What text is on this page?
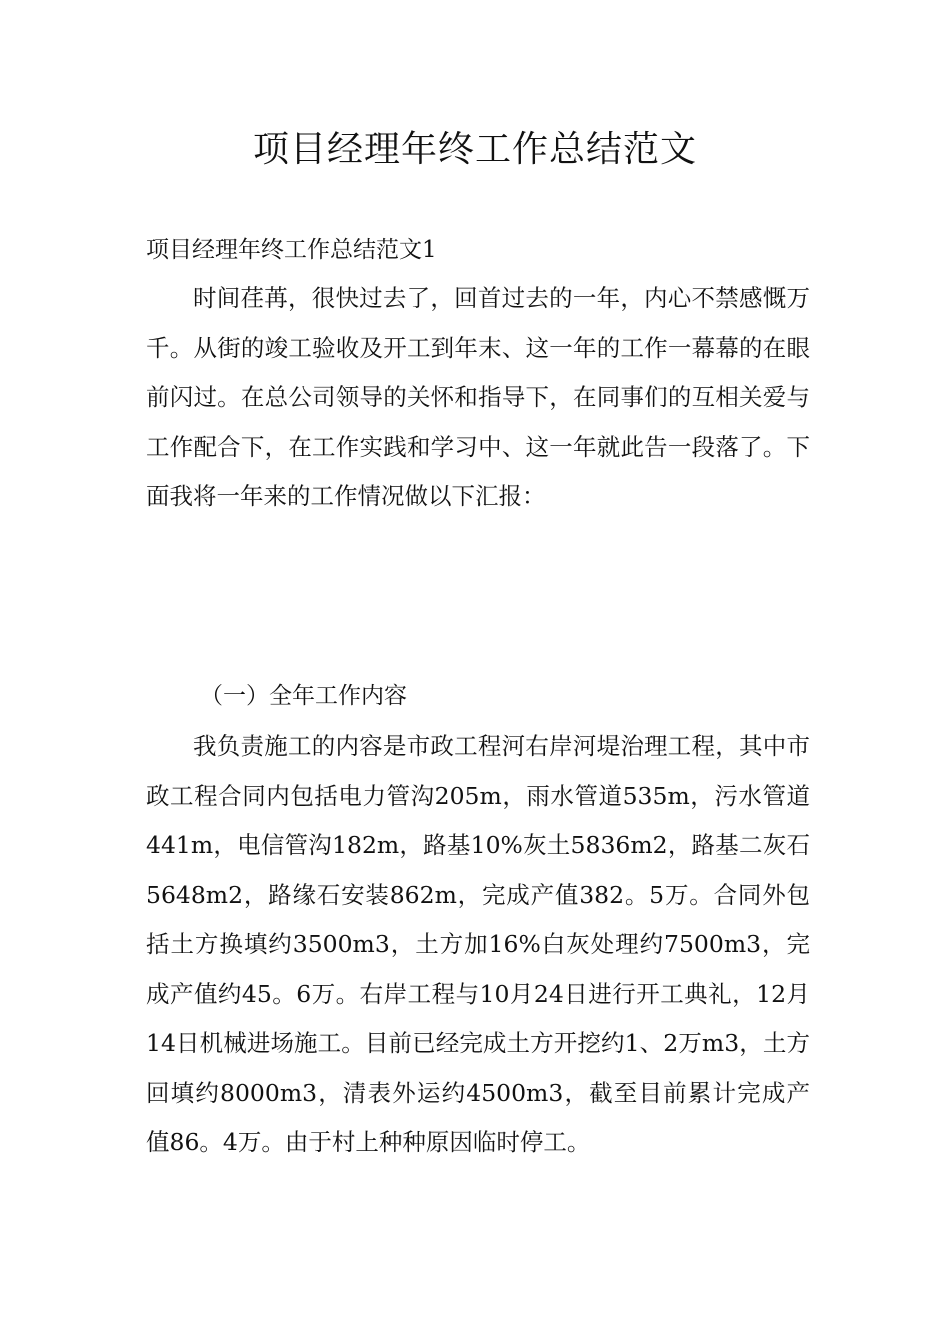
项目经理年终工作总结范文

项目经理年终工作总结范文1

时间荏苒，很快过去了，回首过去的一年，内心不禁感慨万千。从街的竣工验收及开工到年末、这一年的工作一幕幕的在眼前闪过。在总公司领导的关怀和指导下，在同事们的互相关爱与工作配合下，在工作实践和学习中、这一年就此告一段落了。下面我将一年来的工作情况做以下汇报：

（一）全年工作内容

我负责施工的内容是市政工程河右岸河堤治理工程，其中市政工程合同内包括电力管沟205m，雨水管道535m，污水管道441m，电信管沟182m，路基10%灰土5836m2，路基二灰石5648m2，路缘石安装862m，完成产值382。5万。合同外包括土方换填约3500m3，土方加16%白灰处理约7500m3，完成产值约45。6万。右岸工程与10月24日进行开工典礼，12月14日机械进场施工。目前已经完成土方开挖约1、2万m3，土方回填约8000m3，清表外运约4500m3，截至目前累计完成产值86。4万。由于村上种种原因临时停工。
